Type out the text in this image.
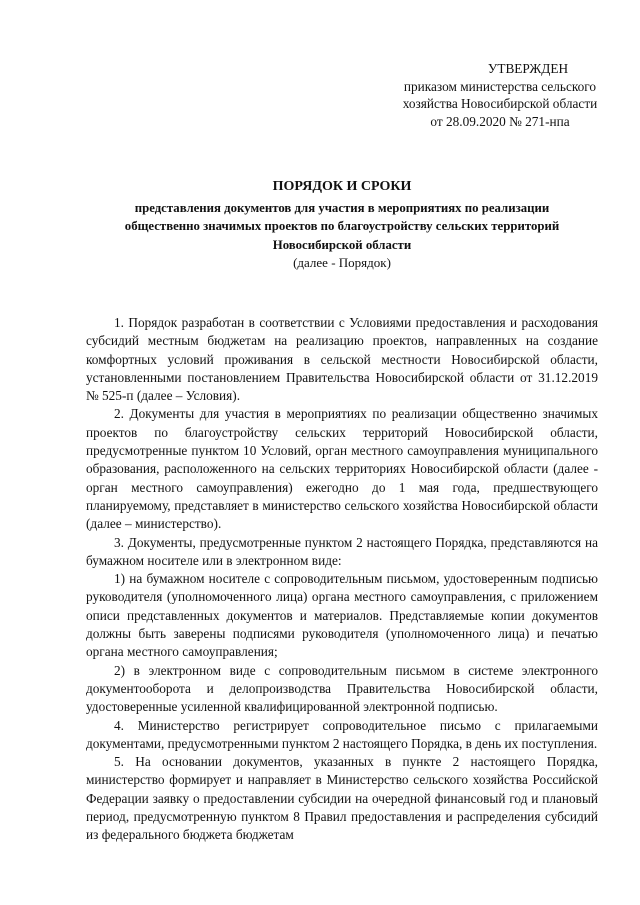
УТВЕРЖДЕН
приказом министерства сельского
хозяйства Новосибирской области
от 28.09.2020 № 271-нпа
ПОРЯДОК И СРОКИ
представления документов для участия в мероприятиях по реализации
общественно значимых проектов по благоустройству сельских территорий
Новосибирской области
(далее - Порядок)

1. Порядок разработан в соответствии с Условиями предоставления и расходования субсидий местным бюджетам на реализацию проектов, направленных на создание комфортных условий проживания в сельской местности Новосибирской области, установленными постановлением Правительства Новосибирской области от 31.12.2019 № 525-п (далее – Условия).

2. Документы для участия в мероприятиях по реализации общественно значимых проектов по благоустройству сельских территорий Новосибирской области, предусмотренные пунктом 10 Условий, орган местного самоуправления муниципального образования, расположенного на сельских территориях Новосибирской области (далее - орган местного самоуправления) ежегодно до 1 мая года, предшествующего планируемому, представляет в министерство сельского хозяйства Новосибирской области (далее – министерство).

3. Документы, предусмотренные пунктом 2 настоящего Порядка, представляются на бумажном носителе или в электронном виде:

1) на бумажном носителе с сопроводительным письмом, удостоверенным подписью руководителя (уполномоченного лица) органа местного самоуправления, с приложением описи представленных документов и материалов. Представляемые копии документов должны быть заверены подписями руководителя (уполномоченного лица) и печатью органа местного самоуправления;

2) в электронном виде с сопроводительным письмом в системе электронного документооборота и делопроизводства Правительства Новосибирской области, удостоверенные усиленной квалифицированной электронной подписью.

4. Министерство регистрирует сопроводительное письмо с прилагаемыми документами, предусмотренными пунктом 2 настоящего Порядка, в день их поступления.

5. На основании документов, указанных в пункте 2 настоящего Порядка, министерство формирует и направляет в Министерство сельского хозяйства Российской Федерации заявку о предоставлении субсидии на очередной финансовый год и плановый период, предусмотренную пунктом 8 Правил предоставления и распределения субсидий из федерального бюджета бюджетам
